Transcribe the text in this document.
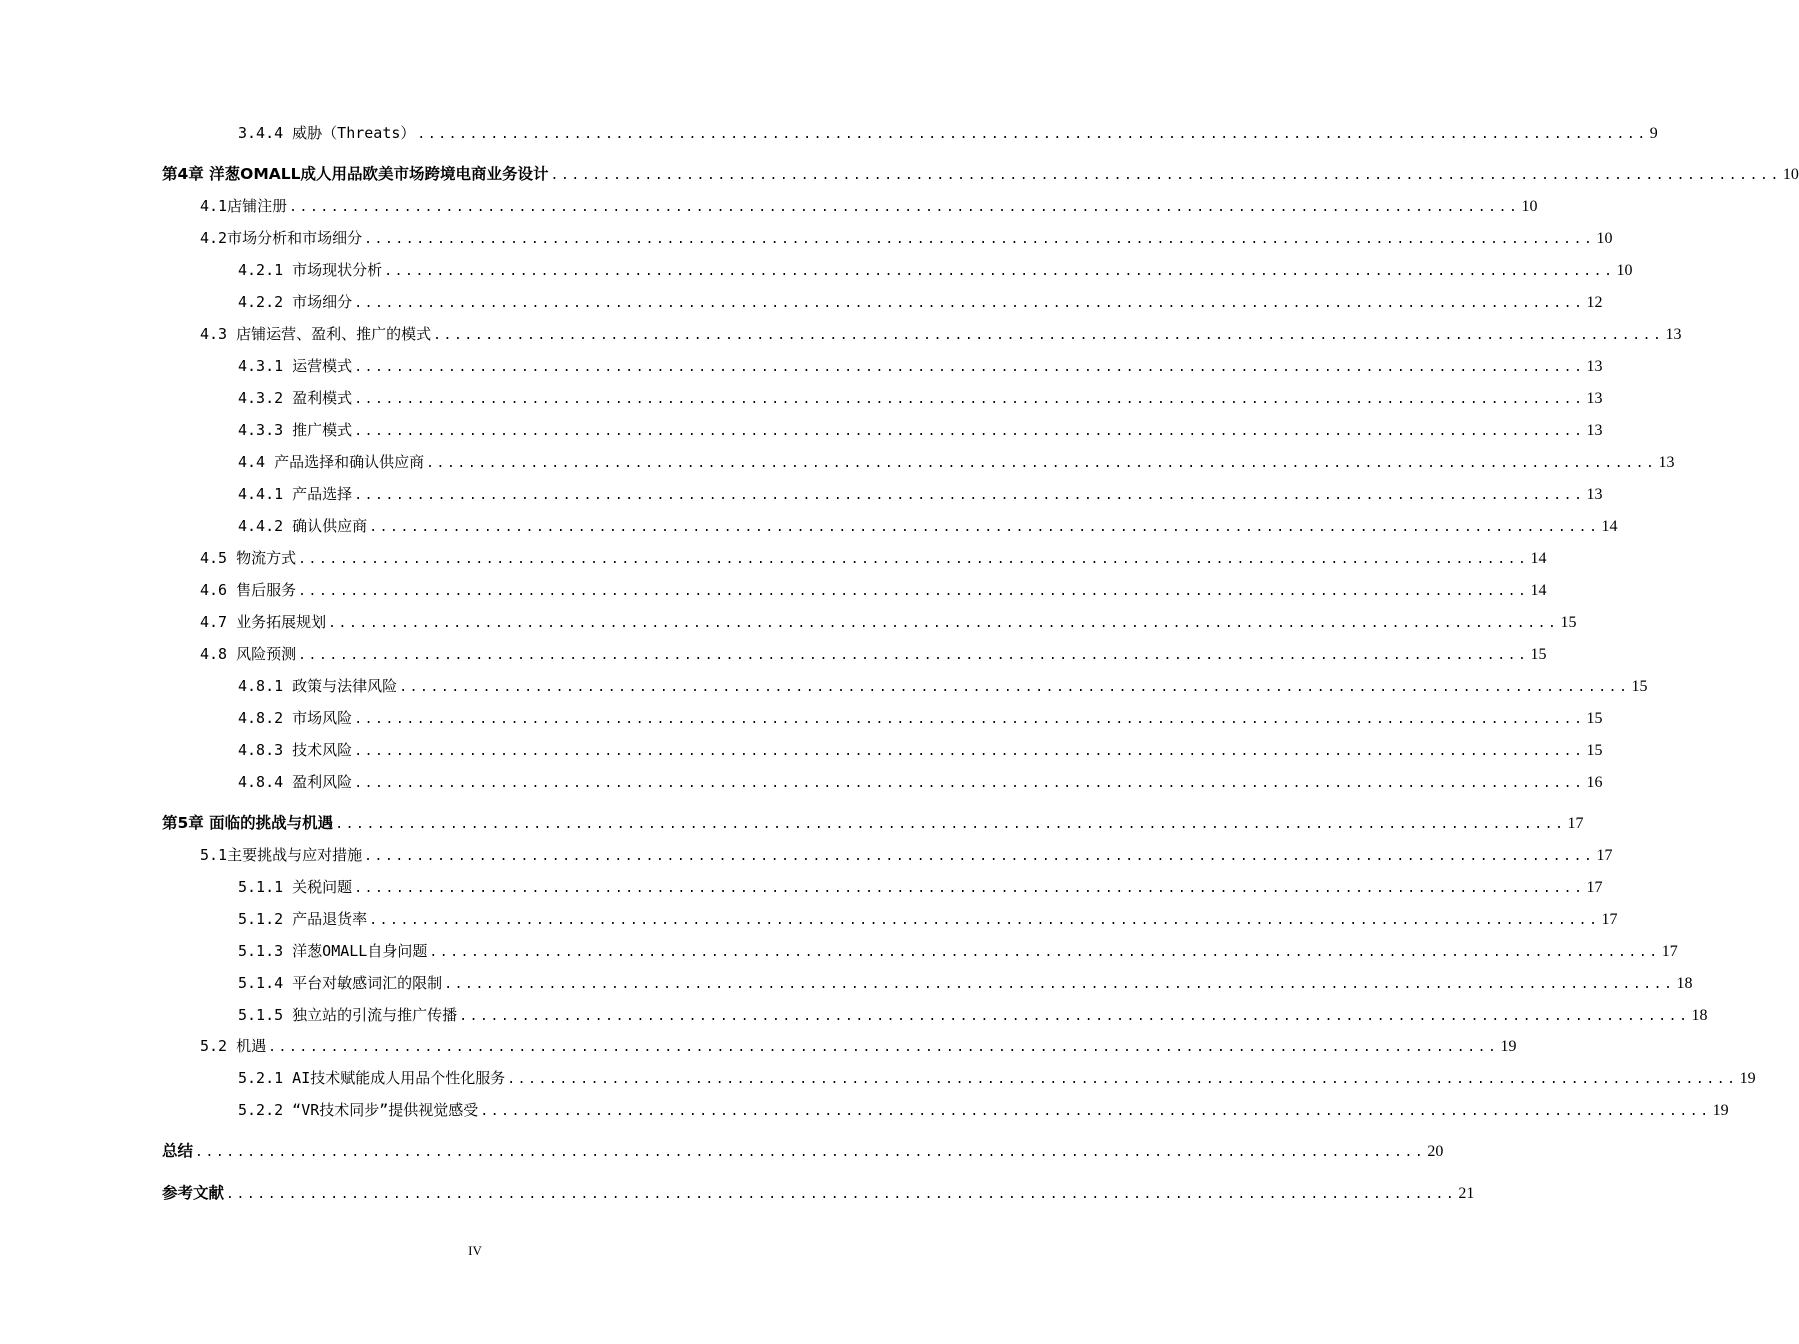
3.4.4 威胁（Threats） ...................................................................................................................... 9
第4章 洋葱OMALL成人用品欧美市场跨境电商业务设计 ...................................................................................................................... 10
4.1店铺注册 ...................................................................................................................... 10
4.2市场分析和市场细分 ...................................................................................................................... 10
4.2.1 市场现状分析 ...................................................................................................................... 10
4.2.2 市场细分 ...................................................................................................................... 12
4.3 店铺运营、盈利、推广的模式 ...................................................................................................................... 13
4.3.1 运营模式 ...................................................................................................................... 13
4.3.2 盈利模式 ...................................................................................................................... 13
4.3.3 推广模式 ...................................................................................................................... 13
4.4 产品选择和确认供应商 ...................................................................................................................... 13
4.4.1 产品选择 ...................................................................................................................... 13
4.4.2 确认供应商 ...................................................................................................................... 14
4.5 物流方式 ...................................................................................................................... 14
4.6 售后服务 ...................................................................................................................... 14
4.7 业务拓展规划 ...................................................................................................................... 15
4.8 风险预测 ...................................................................................................................... 15
4.8.1 政策与法律风险 ...................................................................................................................... 15
4.8.2 市场风险 ...................................................................................................................... 15
4.8.3 技术风险 ...................................................................................................................... 15
4.8.4 盈利风险 ...................................................................................................................... 16
第5章 面临的挑战与机遇 ...................................................................................................................... 17
5.1主要挑战与应对措施 ...................................................................................................................... 17
5.1.1 关税问题 ...................................................................................................................... 17
5.1.2 产品退货率 ...................................................................................................................... 17
5.1.3 洋葱OMALL自身问题 ...................................................................................................................... 17
5.1.4 平台对敏感词汇的限制 ...................................................................................................................... 18
5.1.5 独立站的引流与推广传播 ...................................................................................................................... 18
5.2 机遇 ...................................................................................................................... 19
5.2.1 AI技术赋能成人用品个性化服务 ...................................................................................................................... 19
5.2.2 “VR技术同步”提供视觉感受 ...................................................................................................................... 19
总结 ...................................................................................................................... 20
参考文献 ...................................................................................................................... 21
IV
